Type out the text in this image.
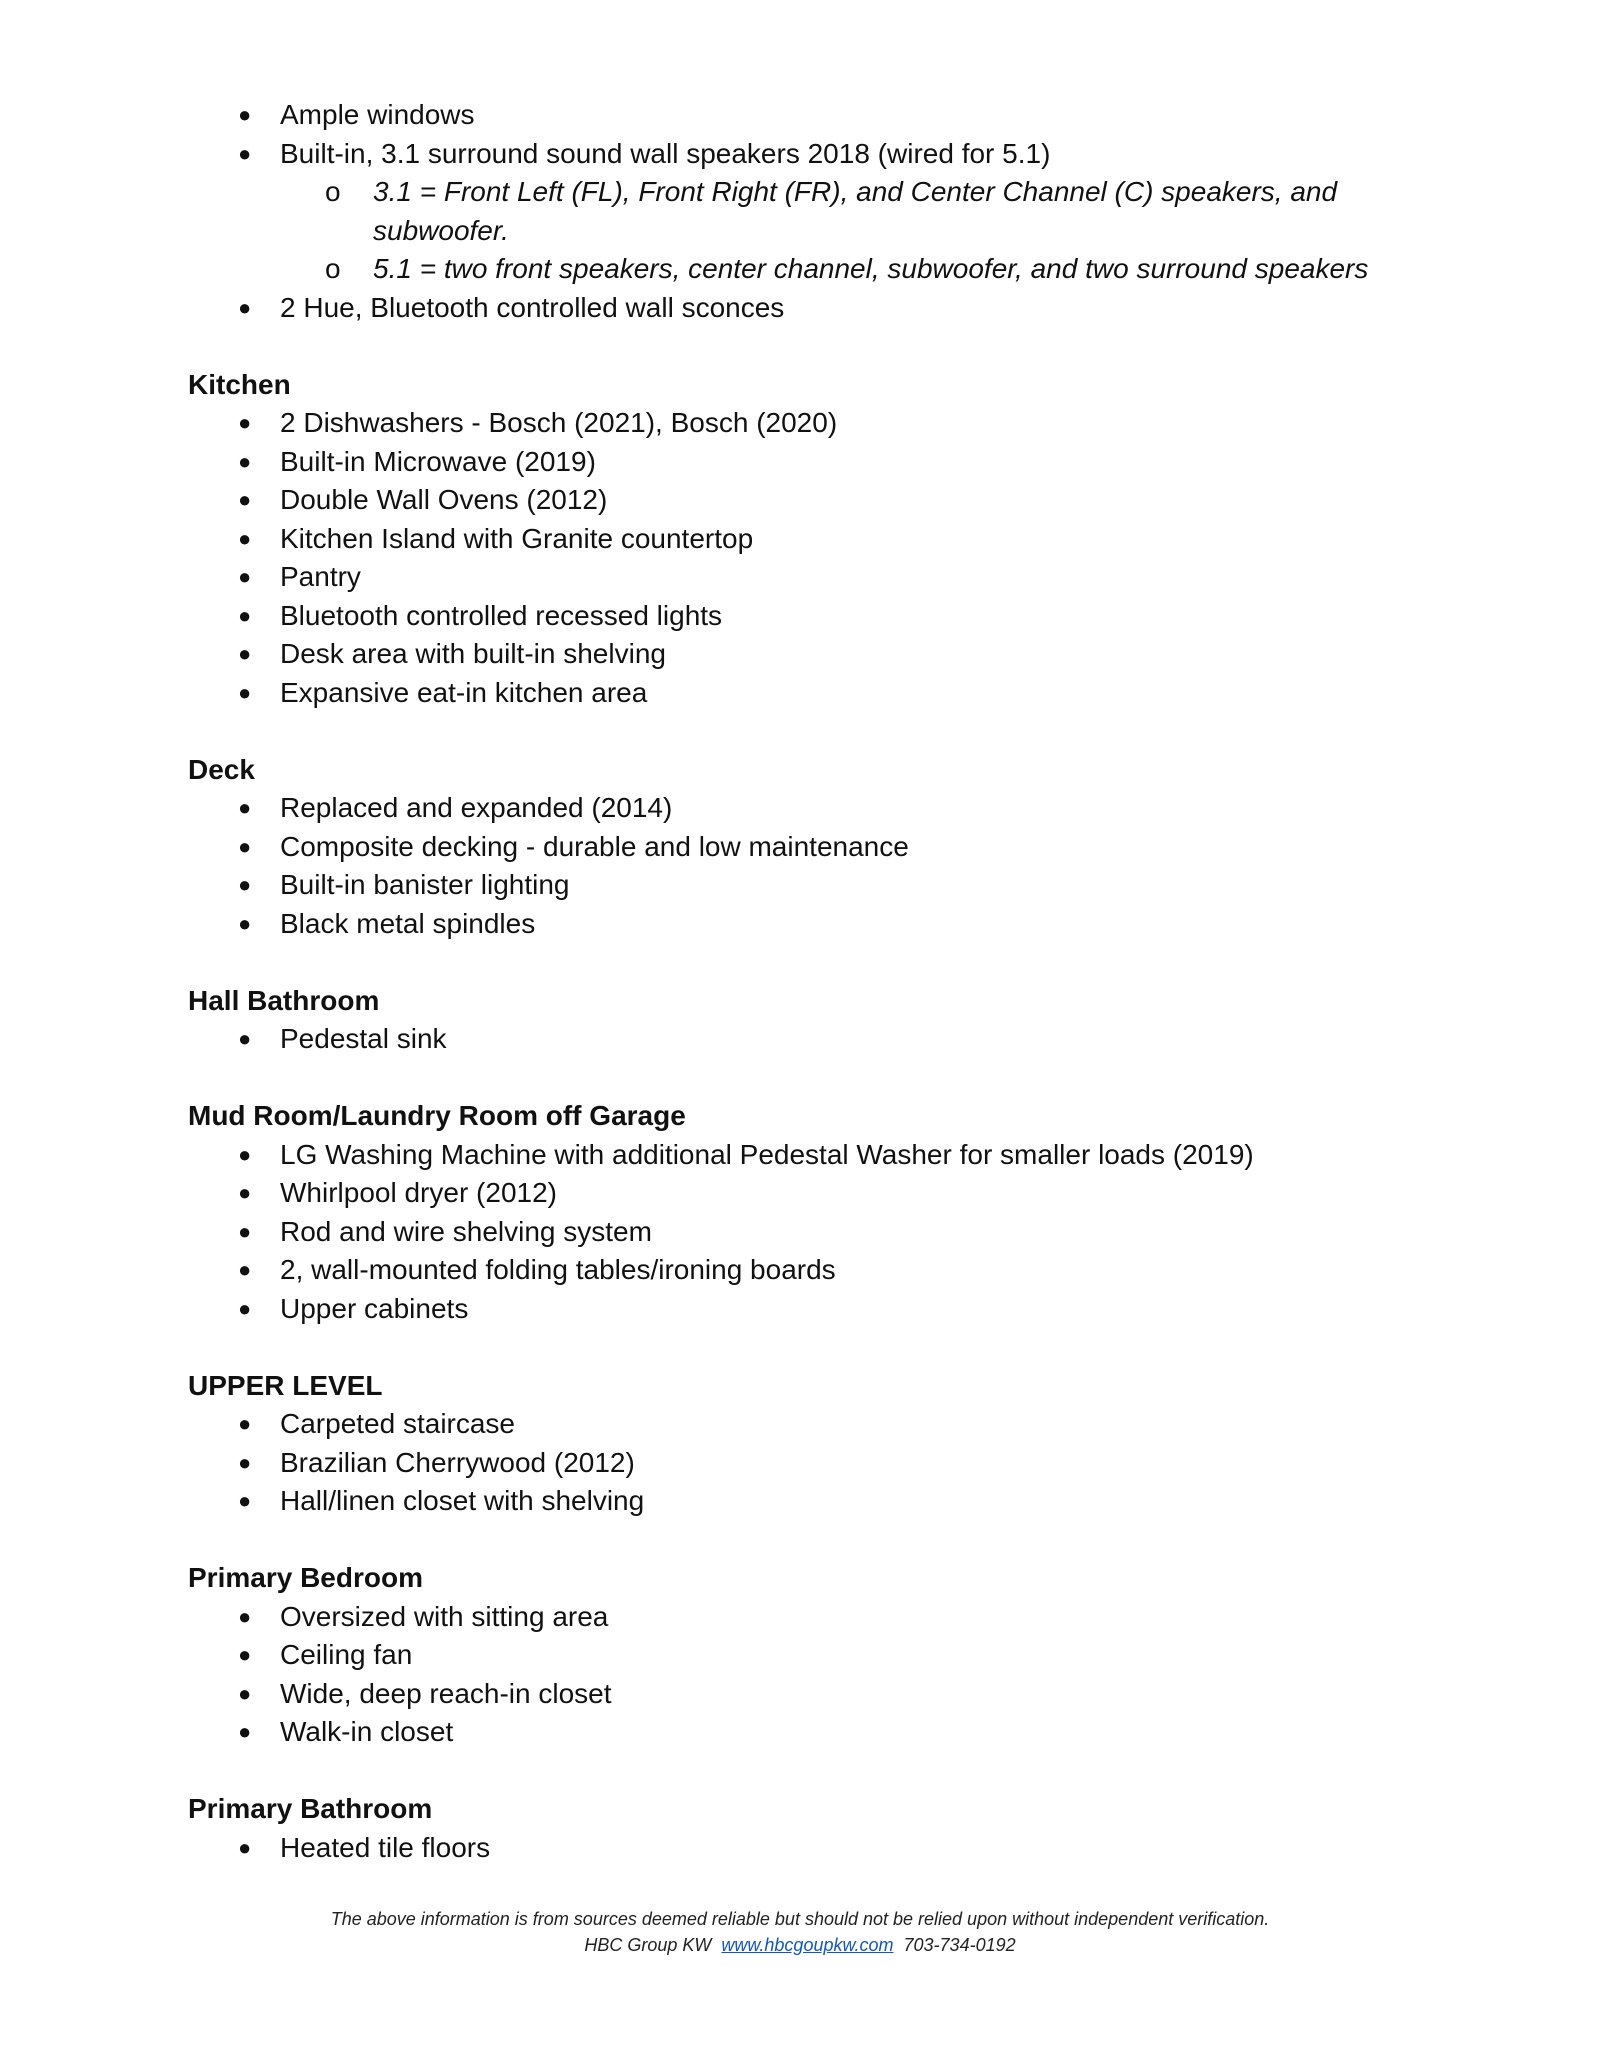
● Ample windows
● Built-in, 3.1 surround sound wall speakers 2018 (wired for 5.1)
o 3.1 = Front Left (FL), Front Right (FR), and Center Channel (C) speakers, and subwoofer.
o 5.1 = two front speakers, center channel, subwoofer, and two surround speakers
● 2 Hue, Bluetooth controlled wall sconces
Kitchen
● 2 Dishwashers - Bosch (2021), Bosch (2020)
● Built-in Microwave (2019)
● Double Wall Ovens (2012)
● Kitchen Island with Granite countertop
● Pantry
● Bluetooth controlled recessed lights
● Desk area with built-in shelving
● Expansive eat-in kitchen area
Deck
● Replaced and expanded (2014)
● Composite decking - durable and low maintenance
● Built-in banister lighting
● Black metal spindles
Hall Bathroom
● Pedestal sink
Mud Room/Laundry Room off Garage
● LG Washing Machine with additional Pedestal Washer for smaller loads (2019)
● Whirlpool dryer (2012)
● Rod and wire shelving system
● 2, wall-mounted folding tables/ironing boards
● Upper cabinets
UPPER LEVEL
● Carpeted staircase
● Brazilian Cherrywood (2012)
● Hall/linen closet with shelving
Primary Bedroom
● Oversized with sitting area
● Ceiling fan
● Wide, deep reach-in closet
● Walk-in closet
Primary Bathroom
● Heated tile floors
The above information is from sources deemed reliable but should not be relied upon without independent verification.
HBC Group KW www.hbcgoupkw.com 703-734-0192
